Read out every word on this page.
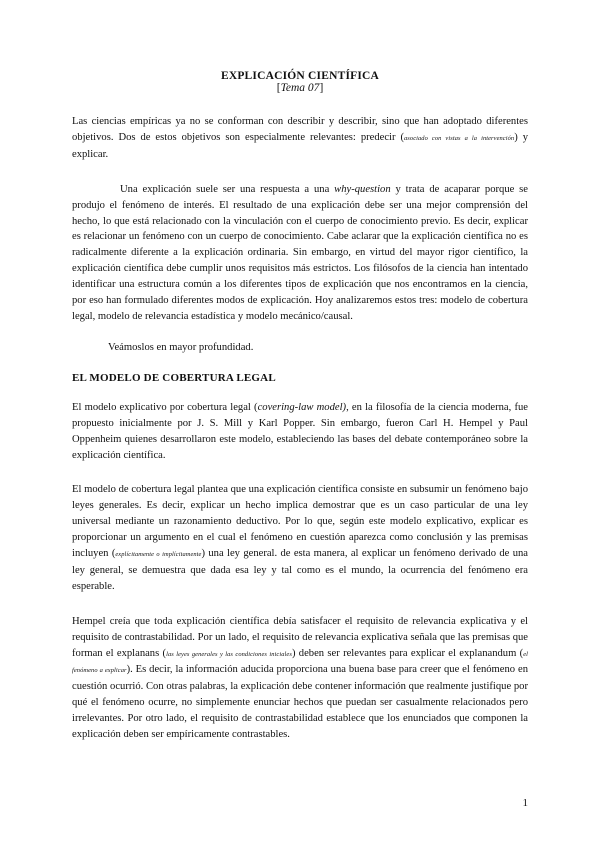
EXPLICACIÓN CIENTÍFICA
[Tema 07]

Las ciencias empíricas ya no se conforman con describir y describir, sino que han adoptado diferentes objetivos. Dos de estos objetivos son especialmente relevantes: predecir (asociado con vistas a la intervención) y explicar.

Una explicación suele ser una respuesta a una why-question y trata de acaparar porque se produjo el fenómeno de interés. El resultado de una explicación debe ser una mejor comprensión del hecho, lo que está relacionado con la vinculación con el cuerpo de conocimiento previo. Es decir, explicar es relacionar un fenómeno con un cuerpo de conocimiento. Cabe aclarar que la explicación científica no es radicalmente diferente a la explicación ordinaria. Sin embargo, en virtud del mayor rigor científico, la explicación científica debe cumplir unos requisitos más estrictos. Los filósofos de la ciencia han intentado identificar una estructura común a los diferentes tipos de explicación que nos encontramos en la ciencia, por eso han formulado diferentes modos de explicación. Hoy analizaremos estos tres: modelo de cobertura legal, modelo de relevancia estadística y modelo mecánico/causal.

Veámoslos en mayor profundidad.

EL MODELO DE COBERTURA LEGAL

El modelo explicativo por cobertura legal (covering-law model), en la filosofía de la ciencia moderna, fue propuesto inicialmente por J. S. Mill y Karl Popper. Sin embargo, fueron Carl H. Hempel y Paul Oppenheim quienes desarrollaron este modelo, estableciendo las bases del debate contemporáneo sobre la explicación científica.

El modelo de cobertura legal plantea que una explicación científica consiste en subsumir un fenómeno bajo leyes generales. Es decir, explicar un hecho implica demostrar que es un caso particular de una ley universal mediante un razonamiento deductivo. Por lo que, según este modelo explicativo, explicar es proporcionar un argumento en el cual el fenómeno en cuestión aparezca como conclusión y las premisas incluyen (explícitamente o implícitamente) una ley general. de esta manera, al explicar un fenómeno derivado de una ley general, se demuestra que dada esa ley y tal como es el mundo, la ocurrencia del fenómeno era esperable.

Hempel creía que toda explicación científica debía satisfacer el requisito de relevancia explicativa y el requisito de contrastabilidad. Por un lado, el requisito de relevancia explicativa señala que las premisas que forman el explanans (las leyes generales y las condiciones iniciales) deben ser relevantes para explicar el explanandum (el fenómeno a explicar). Es decir, la información aducida proporciona una buena base para creer que el fenómeno en cuestión ocurrió. Con otras palabras, la explicación debe contener información que realmente justifique por qué el fenómeno ocurre, no simplemente enunciar hechos que puedan ser casualmente relacionados pero irrelevantes. Por otro lado, el requisito de contrastabilidad establece que los enunciados que componen la explicación deben ser empíricamente contrastables.

1
